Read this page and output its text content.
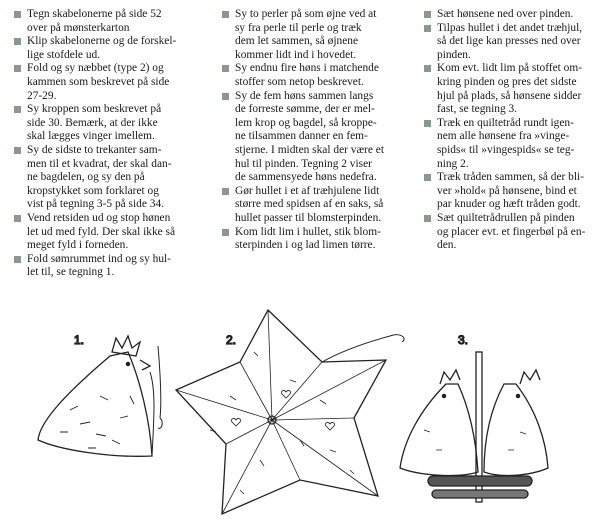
Tegn skabelonerne på side 52
over på mønsterkarton
Klip skabelonerne og de forskel-
lige stofdele ud.
Fold og sy næbbet (type 2) og
kammen som beskrevet på side
27-29.
Sy kroppen som beskrevet på
side 30. Bemærk, at der ikke
skal lægges vinger imellem.
Sy de sidste to trekanter sam-
men til et kvadrat, der skal dan-
ne bagdelen, og sy den på
kropstykket som forklaret og
vist på tegning 3-5 på side 34.
Vend retsiden ud og stop hønen
let ud med fyld. Der skal ikke så
meget fyld i forneden.
Fold sømrummet ind og sy hul-
let til, se tegning 1.
Sy to perler på som øjne ved at
sy fra perle til perle og træk
dem let sammen, så øjnene
kommer lidt ind i hovedet.
Sy endnu fire høns i matchende
stoffer som netop beskrevet.
Sy de fem høns sammen langs
de forreste sømme, der er mel-
lem krop og bagdel, så kroppe-
ne tilsammen danner en fem-
stjerne. I midten skal der være et
hul til pinden. Tegning 2 viser
de sammensyede høns nedefra.
Gør hullet i et af træhjulene lidt
større med spidsen af en saks, så
hullet passer til blomsterpinden.
Kom lidt lim i hullet, stik blom-
sterpinden i og lad limen tørre.
Sæt hønsene ned over pinden.
Tilpas hullet i det andet træhjul,
så det lige kan presses ned over
pinden.
Kom evt. lidt lim på stoffet om-
kring pinden og pres det sidste
hjul på plads, så hønsene sidder
fast, se tegning 3.
Træk en quiltetråd rundt igen-
nem alle hønsene fra »vinge-
spids« til »vingespids« se teg-
ning 2.
Træk tråden sammen, så der bli-
ver »hold« på hønsene, bind et
par knuder og hæft tråden godt.
Sæt quiltetrådrullen på pinden
og placer evt. et fingerbøl på en-
den.
1.	2.	3.
